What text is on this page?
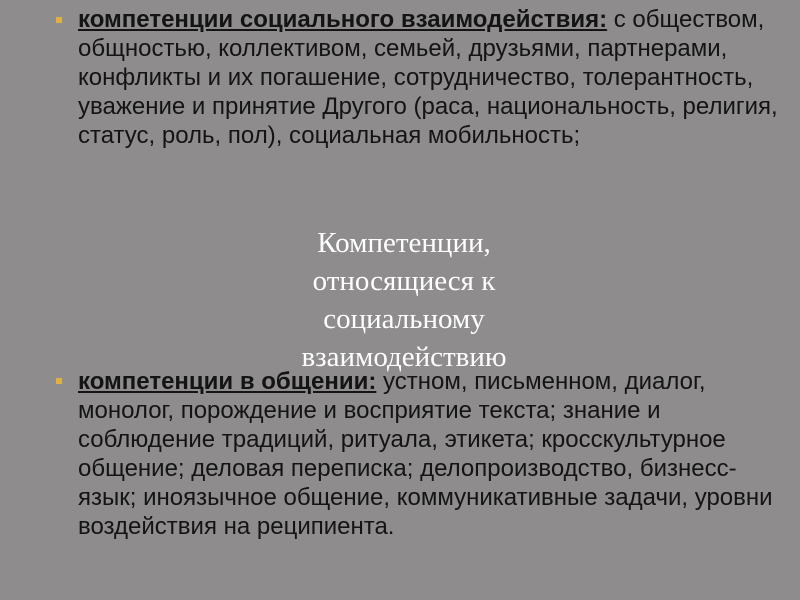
компетенции социального взаимодействия: с обществом, общностью, коллективом, семьей, друзьями, партнерами, конфликты и их погашение, сотрудничество, толерантность, уважение и принятие Другого (раса, национальность, религия, статус, роль, пол), социальная мобильность;
компетенции в общении: устном, письменном, диалог, монолог, порождение и восприятие текста; знание и соблюдение традиций, ритуала, этикета; кросскультурное общение; деловая переписка; делопроизводство, бизнесс-язык; иноязычное общение, коммуникативные задачи, уровни воздействия на реципиента.
Компетенции, относящиеся к социальному взаимодействию
